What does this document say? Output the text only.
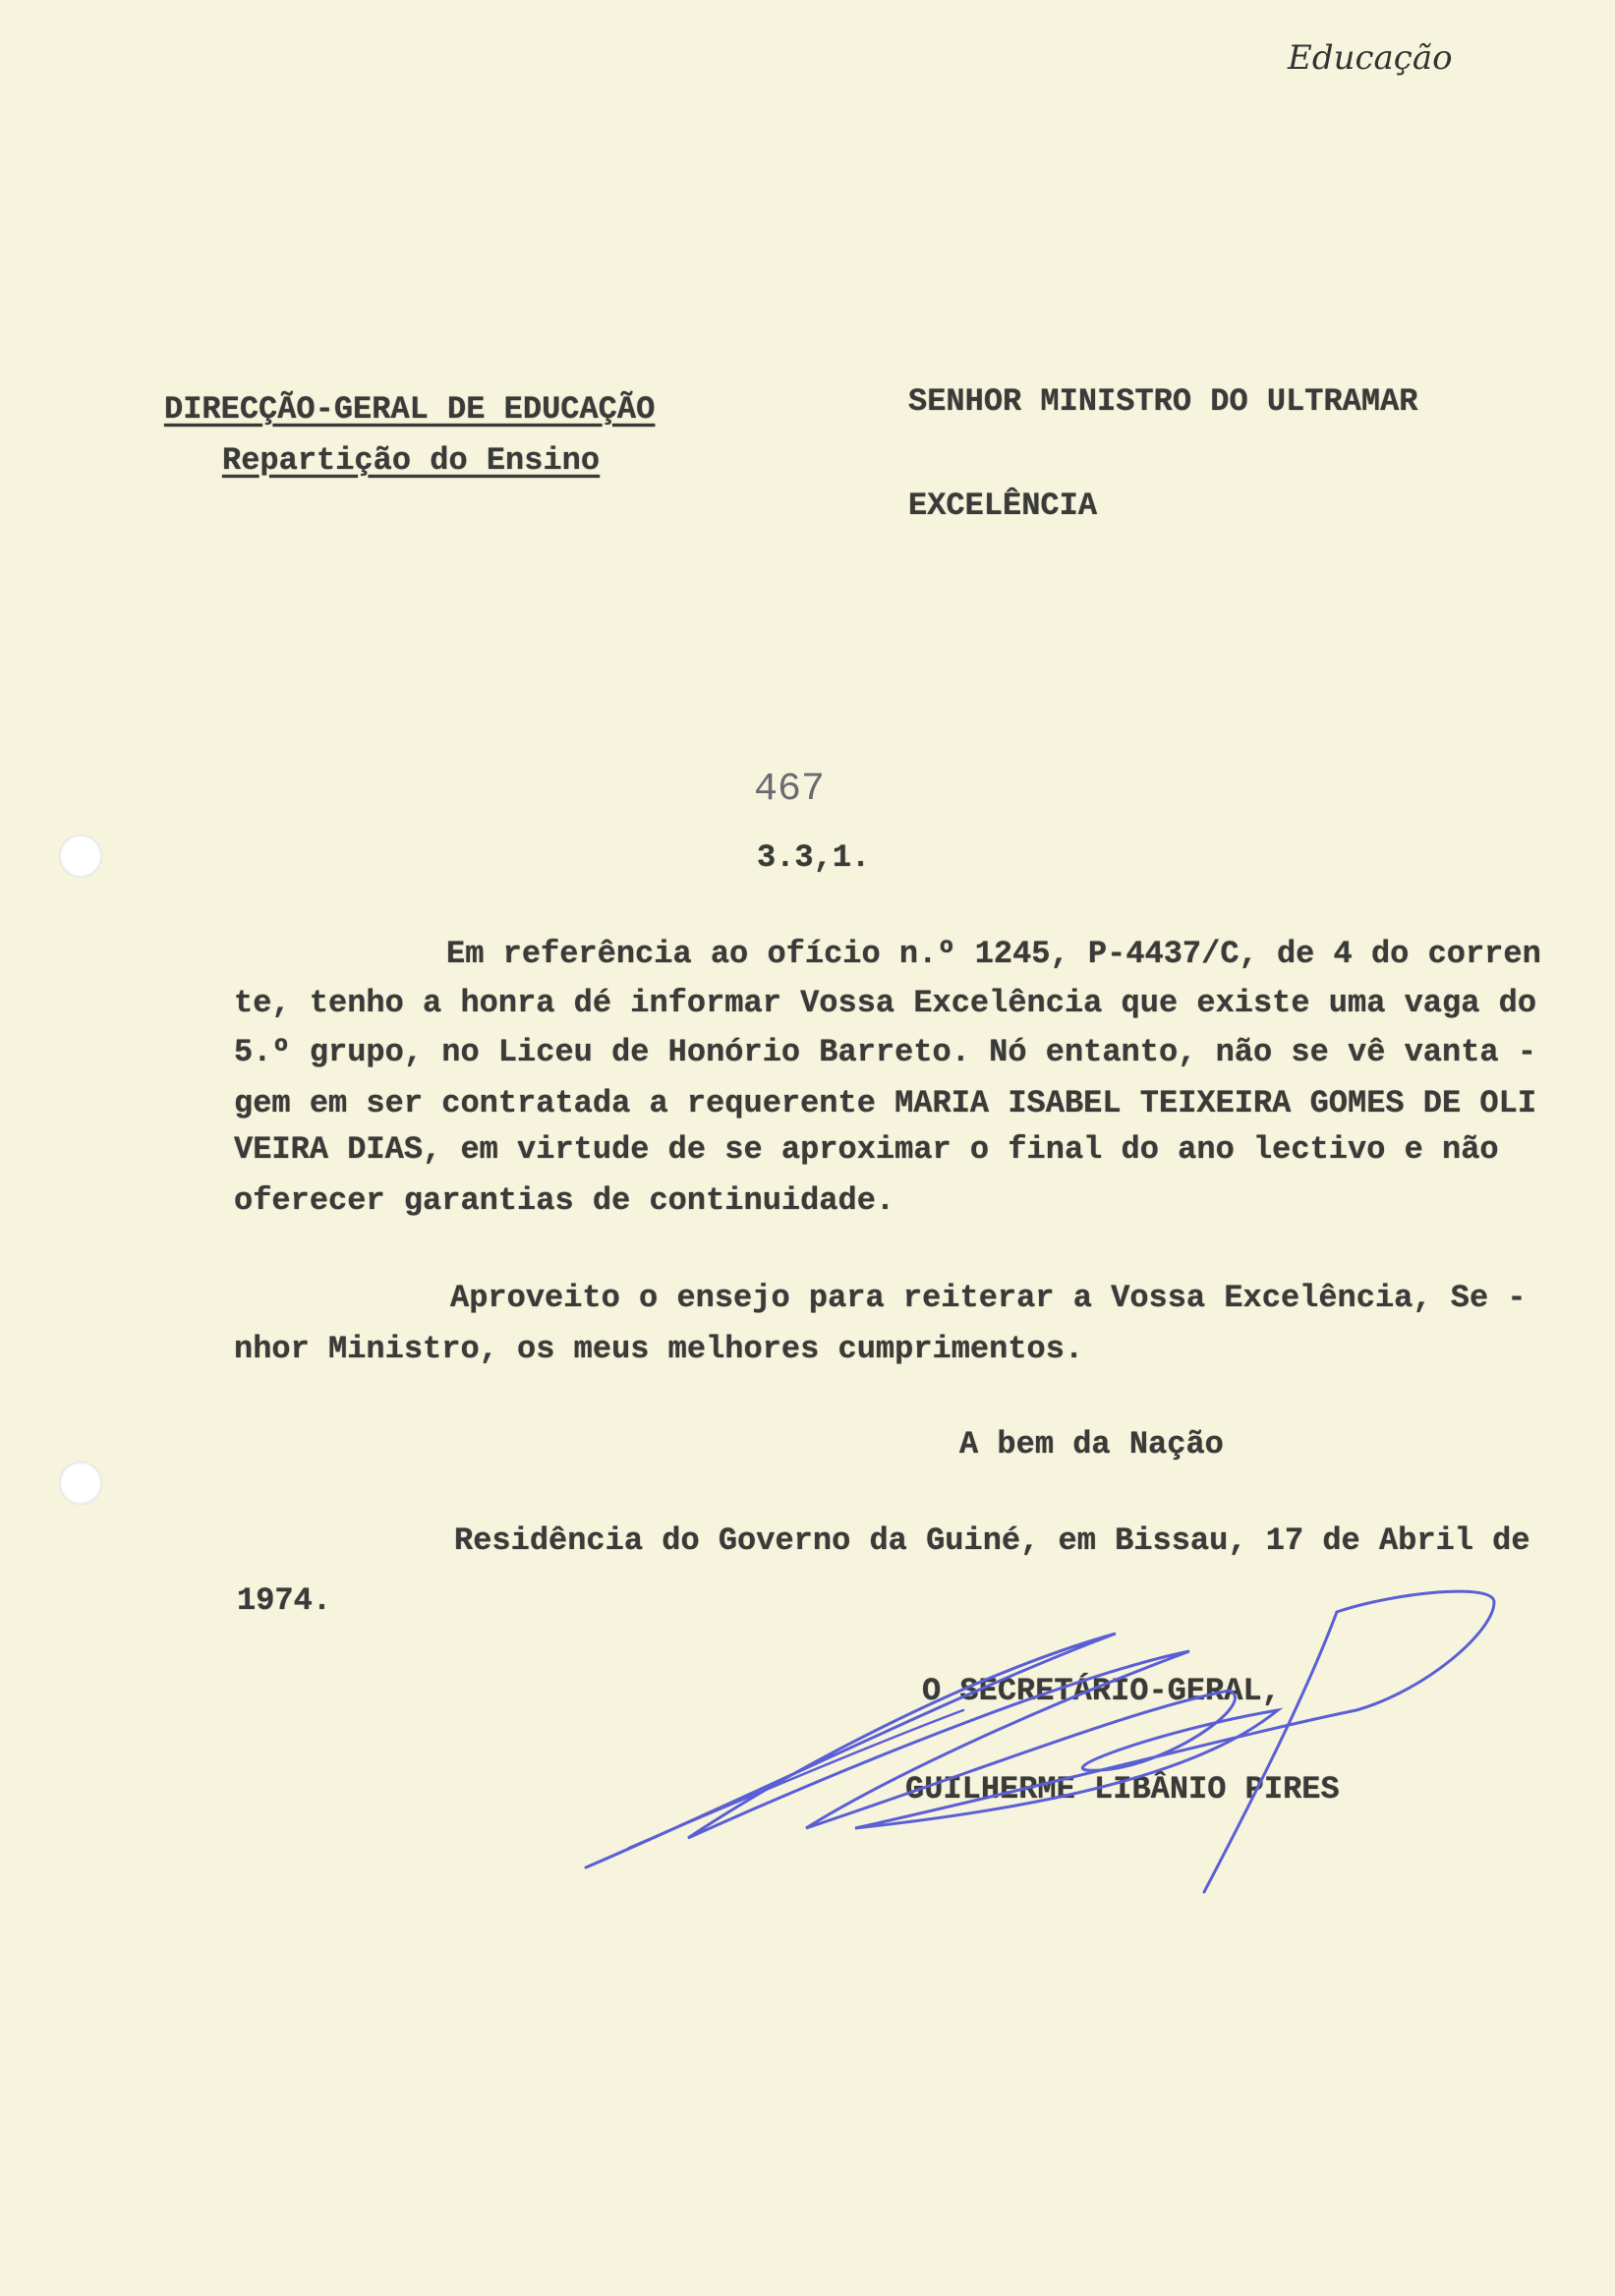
Educação
DIRECÇÃO-GERAL DE EDUCAÇÃO
Repartição do Ensino
SENHOR MINISTRO DO ULTRAMAR
EXCELÊNCIA
467
3.3,1.
Em referência ao ofício n.º 1245, P-4437/C, de 4 do corren
te, tenho a honra dé informar Vossa Excelência que existe uma vaga do
5.º grupo, no Liceu de Honório Barreto. Nó entanto, não se vê vanta -
gem em ser contratada a requerente MARIA ISABEL TEIXEIRA GOMES DE OLI
VEIRA DIAS, em virtude de se aproximar o final do ano lectivo e não
oferecer garantias de continuidade.
Aproveito o ensejo para reiterar a Vossa Excelência, Se -
nhor Ministro, os meus melhores cumprimentos.
A bem da Nação
Residência do Governo da Guiné, em Bissau, 17 de Abril de
1974.
O SECRETÁRIO-GERAL,
GUILHERME LIBÂNIO PIRES
